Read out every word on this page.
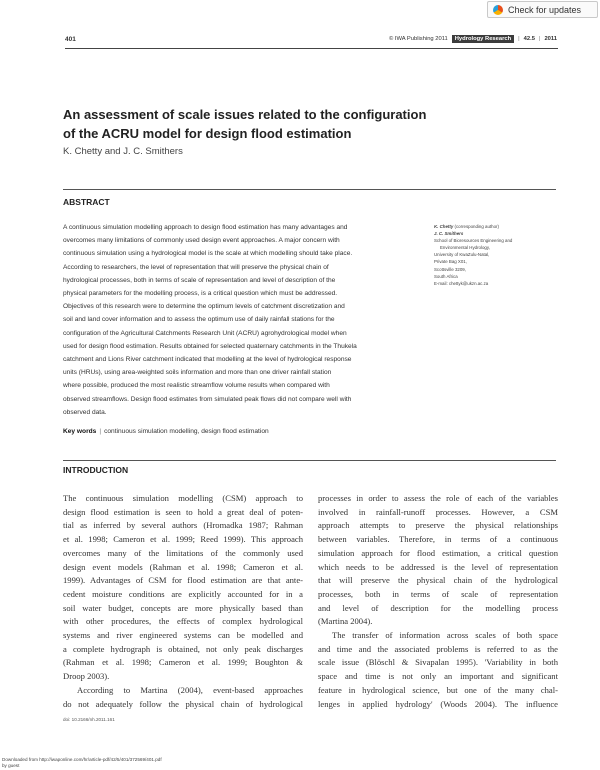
Check for updates
401	© IWA Publishing 2011	Hydrology Research	| 42.5 | 2011
An assessment of scale issues related to the configuration
of the ACRU model for design flood estimation
K. Chetty and J. C. Smithers
ABSTRACT
A continuous simulation modelling approach to design flood estimation has many advantages and
overcomes many limitations of commonly used design event approaches. A major concern with
continuous simulation using a hydrological model is the scale at which modelling should take place.
According to researchers, the level of representation that will preserve the physical chain of
hydrological processes, both in terms of scale of representation and level of description of the
physical parameters for the modelling process, is a critical question which must be addressed.
Objectives of this research were to determine the optimum levels of catchment discretization and
soil and land cover information and to assess the optimum use of daily rainfall stations for the
configuration of the Agricultural Catchments Research Unit (ACRU) agrohydrological model when
used for design flood estimation. Results obtained for selected quaternary catchments in the Thukela
catchment and Lions River catchment indicated that modelling at the level of hydrological response
units (HRUs), using area-weighted soils information and more than one driver rainfall station
where possible, produced the most realistic streamflow volume results when compared with
observed streamflows. Design flood estimates from simulated peak flows did not compare well with
observed data.
Key words | continuous simulation modelling, design flood estimation
K. Chetty (corresponding author)
J. C. Smithers
School of Bioresources Engineering and
Environmental Hydrology,
University of KwaZulu-Natal,
Private Bag X01,
Scottsville 3209,
South Africa
E-mail: chettyk@ukzn.ac.za
INTRODUCTION
The continuous simulation modelling (CSM) approach to
design flood estimation is seen to hold a great deal of poten-
tial as inferred by several authors (Hromadka 1987; Rahman
et al. 1998; Cameron et al. 1999; Reed 1999). This approach
overcomes many of the limitations of the commonly used
design event models (Rahman et al. 1998; Cameron et al.
1999). Advantages of CSM for flood estimation are that ante-
cedent moisture conditions are explicitly accounted for in a
soil water budget, concepts are more physically based than
with other procedures, the effects of complex hydrological
systems and river engineered systems can be modelled and
a complete hydrograph is obtained, not only peak discharges
(Rahman et al. 1998; Cameron et al. 1999; Boughton &
Droop 2003).
According to Martina (2004), event-based approaches
do not adequately follow the physical chain of hydrological
processes in order to assess the role of each of the variables
involved in rainfall-runoff processes. However, a CSM
approach attempts to preserve the physical relationships
between variables. Therefore, in terms of a continuous
simulation approach for flood estimation, a critical question
which needs to be addressed is the level of representation
that will preserve the physical chain of the hydrological
processes, both in terms of scale of representation
and level of description for the modelling process
(Martina 2004).
The transfer of information across scales of both space
and time and the associated problems is referred to as the
scale issue (Blöschl & Sivapalan 1995). 'Variability in both
space and time is not only an important and significant
feature in hydrological science, but one of the many chal-
lenges in applied hydrology' (Woods 2004). The influence
doi: 10.2166/nh.2011.161
Downloaded from http://iwaponline.com/hr/article-pdf/42/5/401/372569/401.pdf
by guest
